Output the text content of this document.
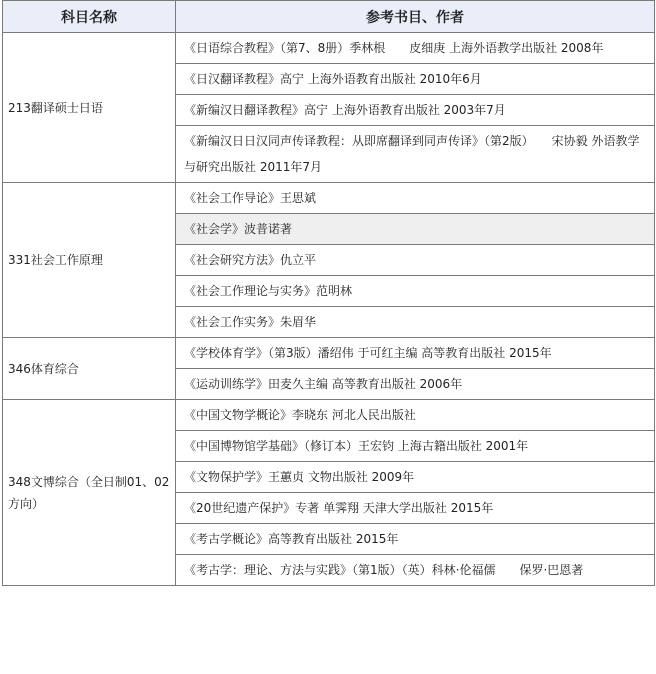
科目名称	参考书目、作者
213翻译硕士日语	《日语综合教程》（第7、8册）季林根　　皮细庚 上海外语教学出版社 2008年
	《日汉翻译教程》高宁 上海外语教育出版社 2010年6月
	《新编汉日翻译教程》高宁 上海外语教育出版社 2003年7月
	《新编汉日日汉同声传译教程：从即席翻译到同声传译》（第2版）　　宋协毅 外语教学与研究出版社 2011年7月
331社会工作原理	《社会工作导论》王思斌
	《社会学》波普诺著
	《社会研究方法》仇立平
	《社会工作理论与实务》范明林
	《社会工作实务》朱眉华
346体育综合	《学校体育学》（第3版）潘绍伟 于可红主编 高等教育出版社 2015年
	《运动训练学》田麦久主编 高等教育出版社 2006年
348文博综合（全日制01、02方向）	《中国文物学概论》李晓东 河北人民出版社
	《中国博物馆学基础》（修订本）王宏钧 上海古籍出版社 2001年
	《文物保护学》王蕙贞 文物出版社 2009年
	《20世纪遗产保护》专著 单霁翔 天津大学出版社 2015年
	《考古学概论》高等教育出版社 2015年
	《考古学：理论、方法与实践》（第1版）（英）科林·伦福儒　　保罗·巴恩著
